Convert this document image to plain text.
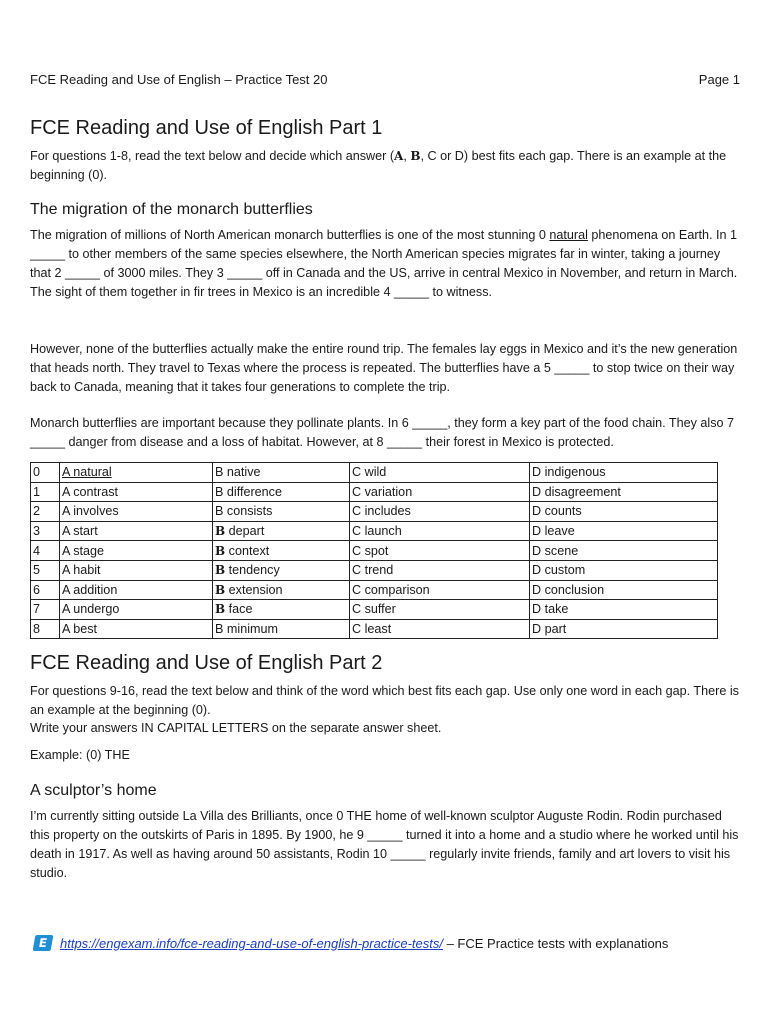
FCE Reading and Use of English – Practice Test 20	Page 1
FCE Reading and Use of English Part 1

For questions 1-8, read the text below and decide which answer (A, B, C or D) best fits each gap. There is an example at the beginning (0).

The migration of the monarch butterflies

The migration of millions of North American monarch butterflies is one of the most stunning 0 natural phenomena on Earth. In 1 _____ to other members of the same species elsewhere, the North American species migrates far in winter, taking a journey that 2 _____ of 3000 miles. They 3 _____ off in Canada and the US, arrive in central Mexico in November, and return in March. The sight of them together in fir trees in Mexico is an incredible 4 _____ to witness.

However, none of the butterflies actually make the entire round trip. The females lay eggs in Mexico and it’s the new generation that heads north. They travel to Texas where the process is repeated. The butterflies have a 5 _____ to stop twice on their way back to Canada, meaning that it takes four generations to complete the trip.

Monarch butterflies are important because they pollinate plants. In 6 _____, they form a key part of the food chain. They also 7 _____ danger from disease and a loss of habitat. However, at 8 _____ their forest in Mexico is protected.

0	A natural	B native	C wild	D indigenous
1	A contrast	B difference	C variation	D disagreement
2	A involves	B consists	C includes	D counts
3	A start	B depart	C launch	D leave
4	A stage	B context	C spot	D scene
5	A habit	B tendency	C trend	D custom
6	A addition	B extension	C comparison	D conclusion
7	A undergo	B face	C suffer	D take
8	A best	B minimum	C least	D part
FCE Reading and Use of English Part 2

For questions 9-16, read the text below and think of the word which best fits each gap. Use only one word in each gap. There is an example at the beginning (0).

Write your answers IN CAPITAL LETTERS on the separate answer sheet.

Example: (0) THE

A sculptor’s home

I’m currently sitting outside La Villa des Brilliants, once 0 THE home of well-known sculptor Auguste Rodin. Rodin purchased this property on the outskirts of Paris in 1895. By 1900, he 9 _____ turned it into a home and a studio where he worked until his death in 1917. As well as having around 50 assistants, Rodin 10 _____ regularly invite friends, family and art lovers to visit his studio.

E https://engexam.info/fce-reading-and-use-of-english-practice-tests/ – FCE Practice tests with explanations
